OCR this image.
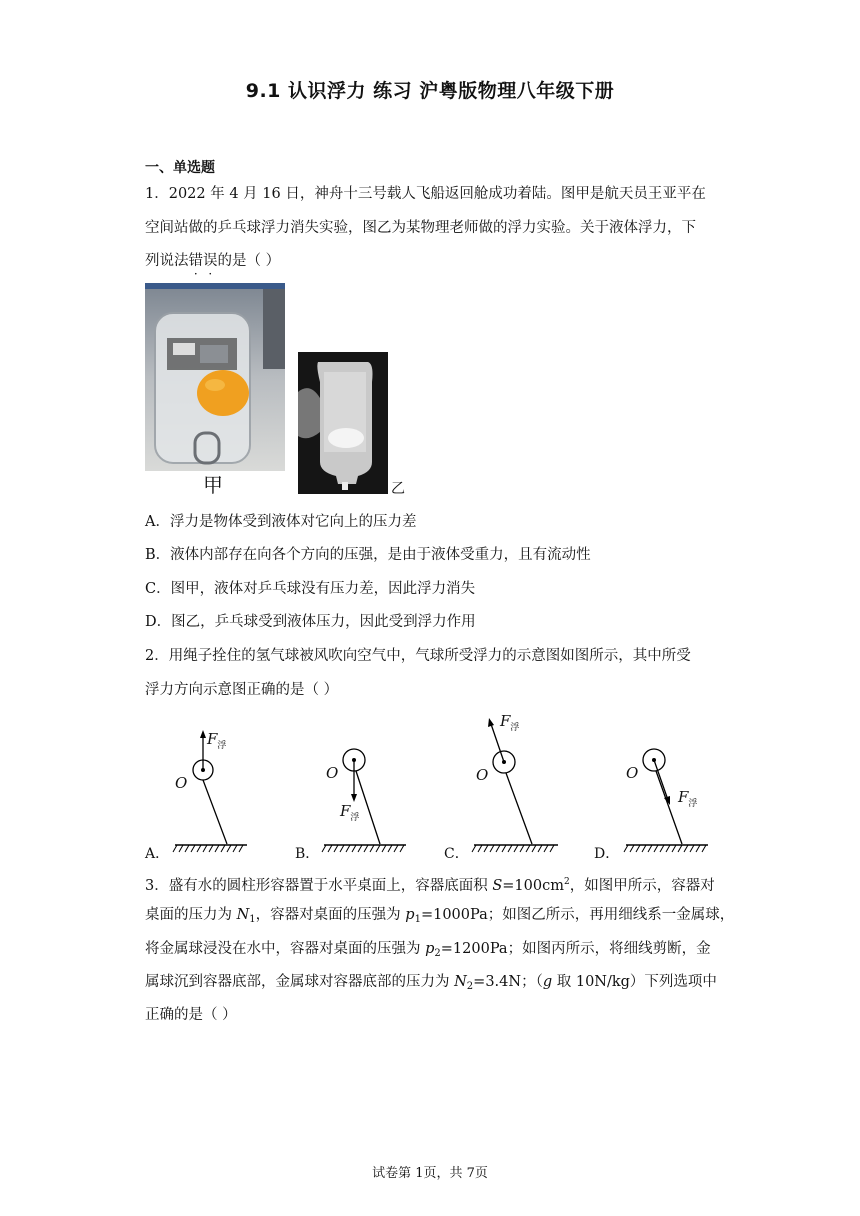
9.1 认识浮力 练习 沪粤版物理八年级下册
一、单选题
1．2022 年 4 月 16 日，神舟十三号载人飞船返回舱成功着陆。图甲是航天员王亚平在
空间站做的乒乓球浮力消失实验，图乙为某物理老师做的浮力实验。关于液体浮力，下
列说法错误的是（ ）
甲	乙
A．浮力是物体受到液体对它向上的压力差
B．液体内部存在向各个方向的压强，是由于液体受重力，且有流动性
C．图甲，液体对乒乓球没有压力差，因此浮力消失
D．图乙，乒乓球受到液体压力，因此受到浮力作用
2．用绳子拴住的氢气球被风吹向空气中，气球所受浮力的示意图如图所示，其中所受
浮力方向示意图正确的是（ ）
$F_浮$
O
A．
$F_浮$
O
B．
$F_浮$
O
C．
$F_浮$
O
D．
3．盛有水的圆柱形容器置于水平桌面上，容器底面积 $S=100cm^2$，如图甲所示，容器对
桌面的压力为 $N_1$，容器对桌面的压强为 $p_1=1000Pa$；如图乙所示，再用细线系一金属球，
将金属球浸没在水中，容器对桌面的压强为 $p_2=1200Pa$；如图丙所示，将细线剪断，金
属球沉到容器底部，金属球对容器底部的压力为 $N_2=3.4N$；（g 取 10N/kg）下列选项中
正确的是（ ）
试卷第 1页，共 7页
